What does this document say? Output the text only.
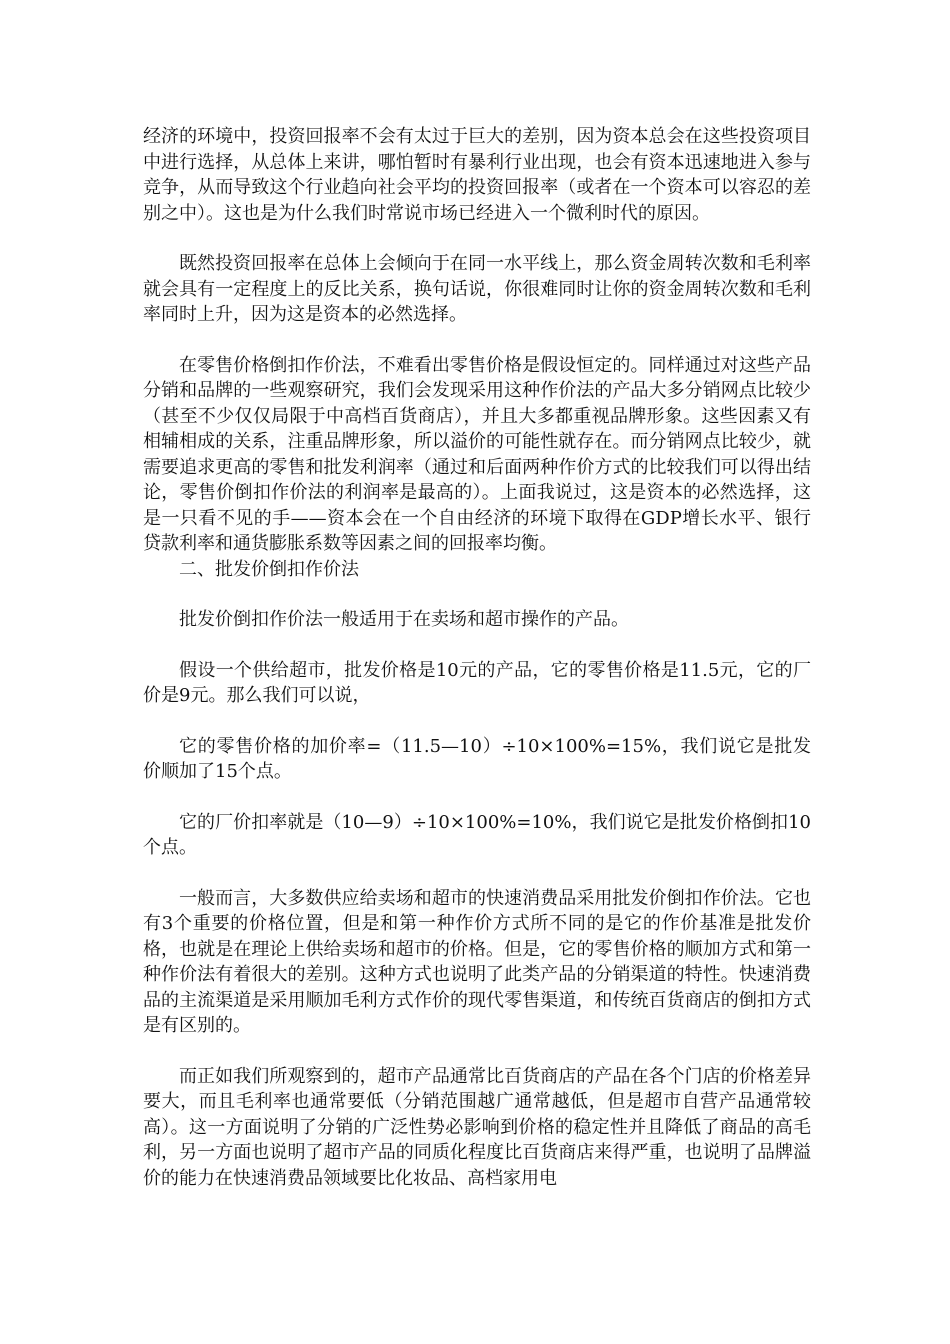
经济的环境中，投资回报率不会有太过于巨大的差别，因为资本总会在这些投资项目中进行选择，从总体上来讲，哪怕暂时有暴利行业出现，也会有资本迅速地进入参与竞争，从而导致这个行业趋向社会平均的投资回报率（或者在一个资本可以容忍的差别之中）。这也是为什么我们时常说市场已经进入一个微利时代的原因。

既然投资回报率在总体上会倾向于在同一水平线上，那么资金周转次数和毛利率就会具有一定程度上的反比关系，换句话说，你很难同时让你的资金周转次数和毛利率同时上升，因为这是资本的必然选择。

在零售价格倒扣作价法，不难看出零售价格是假设恒定的。同样通过对这些产品分销和品牌的一些观察研究，我们会发现采用这种作价法的产品大多分销网点比较少（甚至不少仅仅局限于中高档百货商店），并且大多都重视品牌形象。这些因素又有相辅相成的关系，注重品牌形象，所以溢价的可能性就存在。而分销网点比较少，就需要追求更高的零售和批发利润率（通过和后面两种作价方式的比较我们可以得出结论，零售价倒扣作价法的利润率是最高的）。上面我说过，这是资本的必然选择，这是一只看不见的手——资本会在一个自由经济的环境下取得在GDP增长水平、银行贷款利率和通货膨胀系数等因素之间的回报率均衡。

二、批发价倒扣作价法

批发价倒扣作价法一般适用于在卖场和超市操作的产品。

假设一个供给超市，批发价格是10元的产品，它的零售价格是11.5元，它的厂价是9元。那么我们可以说，

它的零售价格的加价率=（11.5—10）÷10×100%=15%，我们说它是批发价顺加了15个点。

它的厂价扣率就是（10—9）÷10×100%=10%，我们说它是批发价格倒扣10个点。

一般而言，大多数供应给卖场和超市的快速消费品采用批发价倒扣作价法。它也有3个重要的价格位置，但是和第一种作价方式所不同的是它的作价基准是批发价格，也就是在理论上供给卖场和超市的价格。但是，它的零售价格的顺加方式和第一种作价法有着很大的差别。这种方式也说明了此类产品的分销渠道的特性。快速消费品的主流渠道是采用顺加毛利方式作价的现代零售渠道，和传统百货商店的倒扣方式是有区别的。

而正如我们所观察到的，超市产品通常比百货商店的产品在各个门店的价格差异要大，而且毛利率也通常要低（分销范围越广通常越低，但是超市自营产品通常较高）。这一方面说明了分销的广泛性势必影响到价格的稳定性并且降低了商品的高毛利，另一方面也说明了超市产品的同质化程度比百货商店来得严重，也说明了品牌溢价的能力在快速消费品领域要比化妆品、高档家用电
